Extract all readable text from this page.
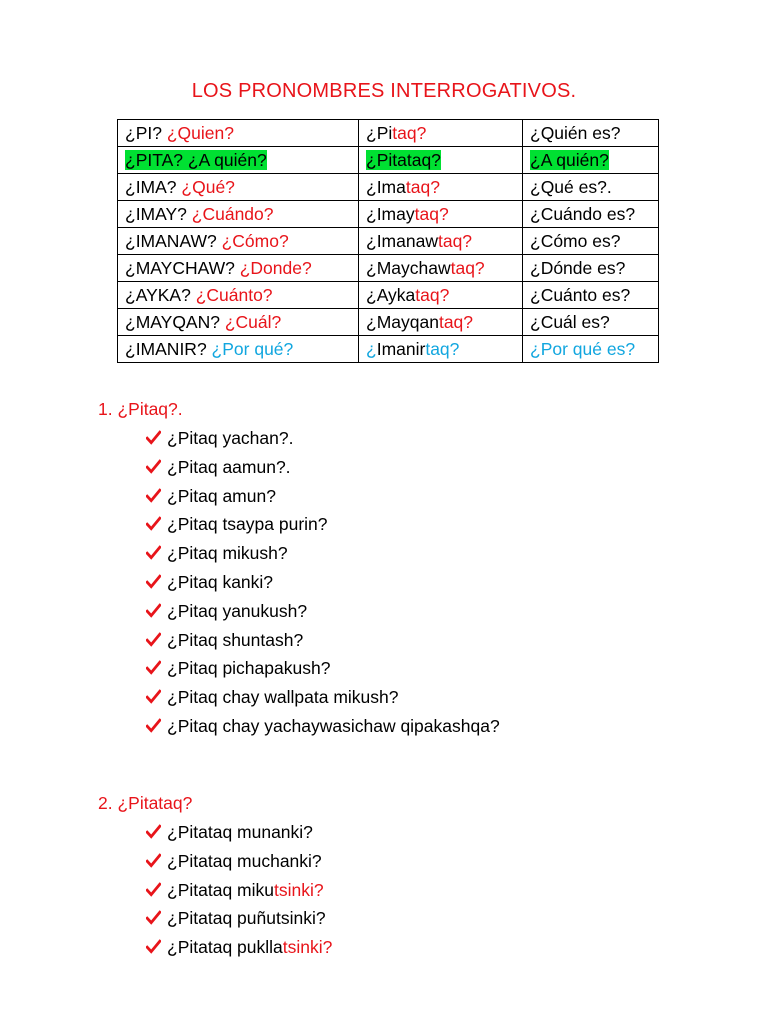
LOS PRONOMBRES INTERROGATIVOS.
¿PI? ¿Quien?	¿Pitaq?	¿Quién es?
¿PITA? ¿A quién?	¿Pitataq?	¿A quién?
¿IMA? ¿Qué?	¿Imataq?	¿Qué es?.
¿IMAY? ¿Cuándo?	¿Imaytaq?	¿Cuándo es?
¿IMANAW? ¿Cómo?	¿Imanawtaq?	¿Cómo es?
¿MAYCHAW? ¿Donde?	¿Maychawtaq?	¿Dónde es?
¿AYKA? ¿Cuánto?	¿Aykataq?	¿Cuánto es?
¿MAYQAN? ¿Cuál?	¿Mayqantaq?	¿Cuál es?
¿IMANIR? ¿Por qué?	¿Imanirtaq?	¿Por qué es?
1. ¿Pitaq?.
¿Pitaq yachan?.
¿Pitaq aamun?.
¿Pitaq amun?
¿Pitaq tsaypa purin?
¿Pitaq mikush?
¿Pitaq kanki?
¿Pitaq yanukush?
¿Pitaq shuntash?
¿Pitaq pichapakush?
¿Pitaq chay wallpata mikush?
¿Pitaq chay yachaywasichaw qipakashqa?
2. ¿Pitataq?
¿Pitataq munanki?
¿Pitataq muchanki?
¿Pitataq mikutsinki?
¿Pitataq puñutsinki?
¿Pitataq pukllatsinki?
